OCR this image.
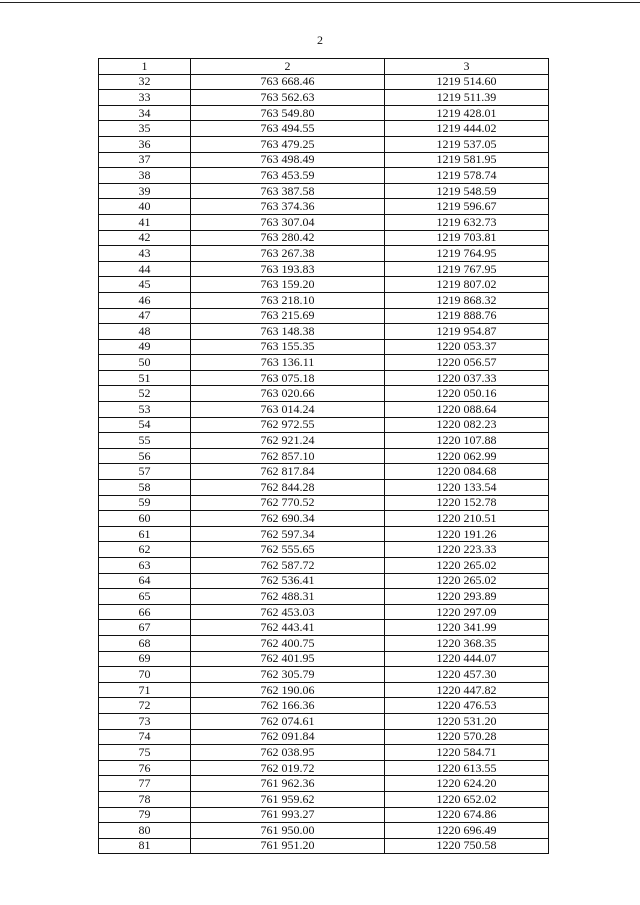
2
1	2	3
32	763 668.46	1219 514.60
33	763 562.63	1219 511.39
34	763 549.80	1219 428.01
35	763 494.55	1219 444.02
36	763 479.25	1219 537.05
37	763 498.49	1219 581.95
38	763 453.59	1219 578.74
39	763 387.58	1219 548.59
40	763 374.36	1219 596.67
41	763 307.04	1219 632.73
42	763 280.42	1219 703.81
43	763 267.38	1219 764.95
44	763 193.83	1219 767.95
45	763 159.20	1219 807.02
46	763 218.10	1219 868.32
47	763 215.69	1219 888.76
48	763 148.38	1219 954.87
49	763 155.35	1220 053.37
50	763 136.11	1220 056.57
51	763 075.18	1220 037.33
52	763 020.66	1220 050.16
53	763 014.24	1220 088.64
54	762 972.55	1220 082.23
55	762 921.24	1220 107.88
56	762 857.10	1220 062.99
57	762 817.84	1220 084.68
58	762 844.28	1220 133.54
59	762 770.52	1220 152.78
60	762 690.34	1220 210.51
61	762 597.34	1220 191.26
62	762 555.65	1220 223.33
63	762 587.72	1220 265.02
64	762 536.41	1220 265.02
65	762 488.31	1220 293.89
66	762 453.03	1220 297.09
67	762 443.41	1220 341.99
68	762 400.75	1220 368.35
69	762 401.95	1220 444.07
70	762 305.79	1220 457.30
71	762 190.06	1220 447.82
72	762 166.36	1220 476.53
73	762 074.61	1220 531.20
74	762 091.84	1220 570.28
75	762 038.95	1220 584.71
76	762 019.72	1220 613.55
77	761 962.36	1220 624.20
78	761 959.62	1220 652.02
79	761 993.27	1220 674.86
80	761 950.00	1220 696.49
81	761 951.20	1220 750.58
